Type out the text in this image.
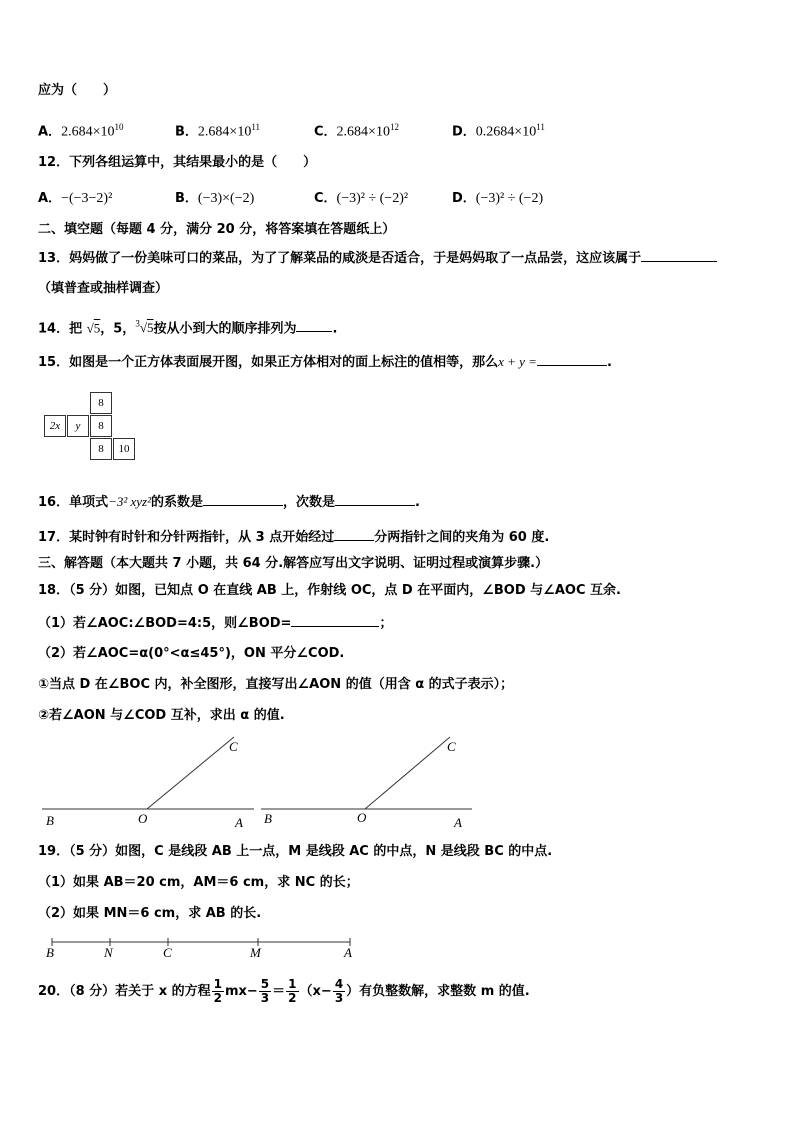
应为（　　）
A．$2.684\times 10^{10}$	B．$2.684\times 10^{11}$	C．$2.684\times 10^{12}$	D．$0.2684\times 10^{11}$
12．下列各组运算中，其结果最小的是（　　）
A．−(−3−2)²	B．(−3)×(−2)	C．(−3)² ÷ (−2)²	D．(−3)² ÷ (−2)
二、填空题（每题 4 分，满分 20 分，将答案填在答题纸上）
13．妈妈做了一份美味可口的菜品，为了了解菜品的咸淡是否适合，于是妈妈取了一点品尝，这应该属于
（填普查或抽样调查）
14．把 √5，5，$^3$√5按从小到大的顺序排列为	.
15．如图是一个正方体表面展开图，如果正方体相对的面上标注的值相等，那么x + y =	.
8
2x	y	8
8	10
16．单项式−3² xyz²的系数是	，次数是	.
17．某时钟有时针和分针两指针，从 3 点开始经过	分两指针之间的夹角为 60 度.
三、解答题（本大题共 7 小题，共 64 分.解答应写出文字说明、证明过程或演算步骤.）
18．（5 分）如图，已知点 O 在直线 AB 上，作射线 OC，点 D 在平面内，∠BOD 与∠AOC 互余.
（1）若∠AOC:∠BOD=4:5，则∠BOD=	；
（2）若∠AOC=α(0°<α≤45°)，ON 平分∠COD.
①当点 D 在∠BOC 内，补全图形，直接写出∠AON 的值（用含 α 的式子表示）；
②若∠AON 与∠COD 互补，求出 α 的值.
C
B	O	A
C
B	O	A
19．（5 分）如图，C 是线段 AB 上一点，M 是线段 AC 的中点，N 是线段 BC 的中点.
（1）如果 AB＝20 cm，AM＝6 cm，求 NC 的长；
（2）如果 MN＝6 cm，求 AB 的长.
B	N	C	M	A
20．（8 分）若关于 x 的方程 $\frac{1}{2} mx- \frac{5}{3} = \frac{1}{2} (x- \frac{4}{3}$ ）有负整数解，求整数 m 的值.
